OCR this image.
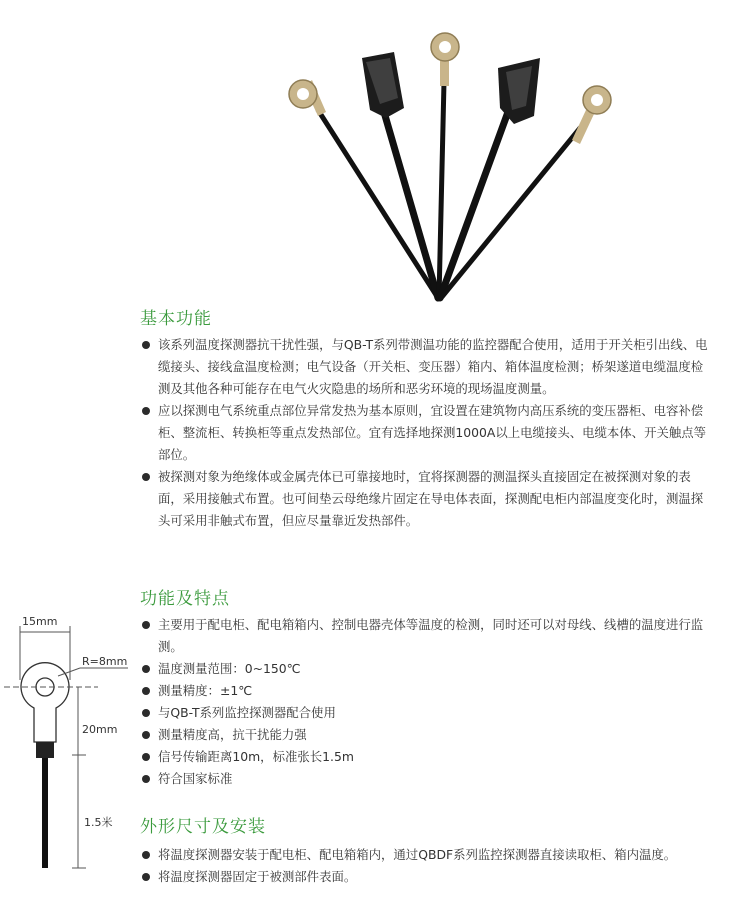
基本功能
该系列温度探测器抗干扰性强，与QB-T系列带测温功能的监控器配合使用，适用于开关柜引出线、电缆接头、接线盒温度检测；电气设备（开关柜、变压器）箱内、箱体温度检测；桥架遂道电缆温度检测及其他各种可能存在电气火灾隐患的场所和恶劣环境的现场温度测量。
应以探测电气系统重点部位异常发热为基本原则，宜设置在建筑物内高压系统的变压器柜、电容补偿柜、整流柜、转换柜等重点发热部位。宜有选择地探测1000A以上电缆接头、电缆本体、开关触点等部位。
被探测对象为绝缘体或金属壳体已可靠接地时，宜将探测器的测温探头直接固定在被探测对象的表面，采用接触式布置。也可间垫云母绝缘片固定在导电体表面，探测配电柜内部温度变化时，测温探头可采用非触式布置，但应尽量靠近发热部件。
功能及特点
主要用于配电柜、配电箱箱内、控制电器壳体等温度的检测，同时还可以对母线、线槽的温度进行监测。
温度测量范围：0~150℃
测量精度：±1℃
与QB-T系列监控探测器配合使用
测量精度高，抗干扰能力强
信号传输距离10m，标准张长1.5m
符合国家标准
外形尺寸及安装
将温度探测器安装于配电柜、配电箱箱内，通过QBDF系列监控探测器直接读取柜、箱内温度。
将温度探测器固定于被测部件表面。
15mm
R=8mm
20mm
1.5米
